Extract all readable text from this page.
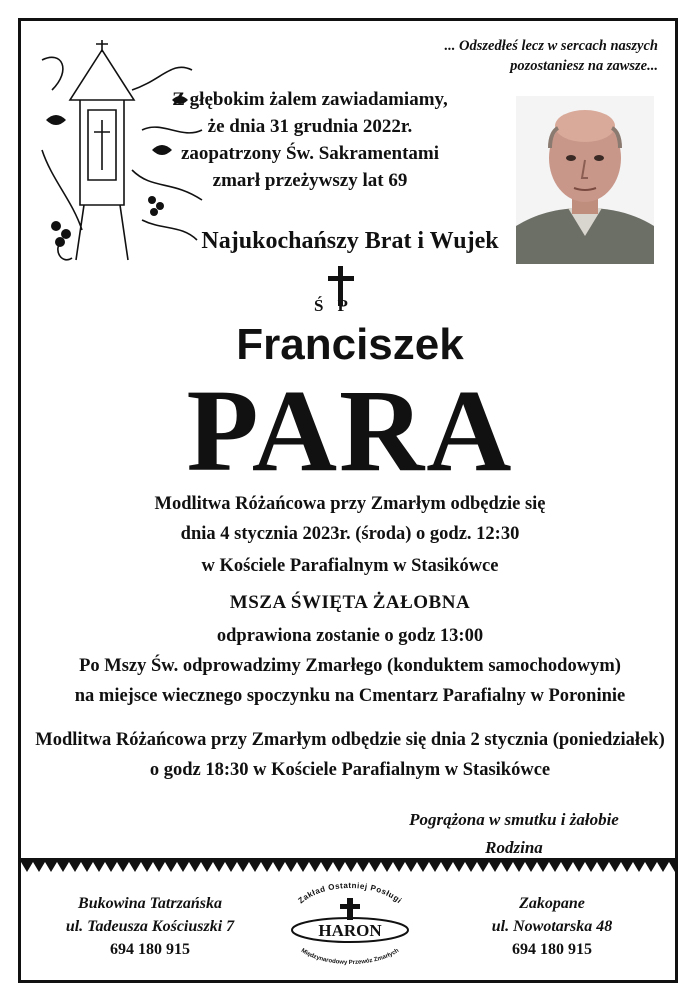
... Odszedłeś lecz w sercach naszych
pozostaniesz na zawsze...
Z głębokim żalem zawiadamiamy,
że dnia 31 grudnia 2022r.
zaopatrzony Św. Sakramentami
zmarł przeżywszy lat 69
Najukochańszy Brat i Wujek
ŚP
Franciszek
PARA
Modlitwa Różańcowa przy Zmarłym odbędzie się
dnia 4 stycznia 2023r. (środa) o godz. 12:30
w Kościele Parafialnym w Stasikówce
MSZA ŚWIĘTA ŻAŁOBNA
odprawiona zostanie o godz 13:00
Po Mszy Św. odprowadzimy Zmarłego (konduktem samochodowym)
na miejsce wiecznego spoczynku na Cmentarz Parafialny w Poroninie
Modlitwa Różańcowa przy Zmarłym odbędzie się dnia 2 stycznia (poniedziałek)
o godz 18:30 w Kościele Parafialnym w Stasikówce
Pogrążona w smutku i żałobie
Rodzina
Bukowina Tatrzańska
ul. Tadeusza Kościuszki 7
694 180 915
Zakład Ostatniej Posługi
HARON
Międzynarodowy Przewóz Zmarłych
Zakopane
ul. Nowotarska 48
694 180 915
